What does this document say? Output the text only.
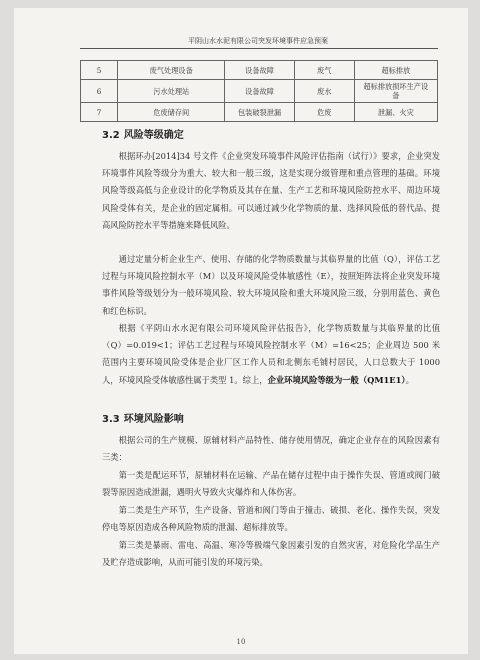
平阴山水水泥有限公司突发环境事件应急预案
5	废气处理设备	设备故障	废气	超标排放
6	污水处理站	设备故障	废水	超标排放损坏生产设备
7	危废储存间	包装破裂泄漏	危废	泄漏、火灾
3.2 风险等级确定

根据环办[2014]34 号文件《企业突发环境事件风险评估指南（试行）》要求，企业突发环境事件风险等级分为重大、较大和一般三级，这是实现分级管理和重点管理的基础。环境风险等级高低与企业设计的化学物质及其存在量、生产工艺和环境风险防控水平、周边环境风险受体有关，是企业的固定属相。可以通过减少化学物质的量、选择风险低的替代品、提高风险防控水平等措施来降低风险。

通过定量分析企业生产、使用、存储的化学物质数量与其临界量的比值（Q），评估工艺过程与环境风险控制水平（M）以及环境风险受体敏感性（E），按照矩阵法将企业突发环境事件风险等级划分为一般环境风险、较大环境风险和重大环境风险三级，分别用蓝色、黄色和红色标识。

根据《平阴山水水泥有限公司环境风险评估报告》，化学物质数量与其临界量的比值（Q）=0.019<1；评估工艺过程与环境风险控制水平（M）=16<25；企业周边 500 米范围内主要环境风险受体是企业厂区工作人员和北侧东毛铺村居民，人口总数大于 1000 人，环境风险受体敏感性属于类型 1。综上，企业环境风险等级为一般（QM1E1）。

3.3 环境风险影响

根据公司的生产规模、原辅材料产品特性、储存使用情况，确定企业存在的风险因素有三类：

第一类是配运环节，原辅材料在运输、产品在储存过程中由于操作失误、管道或阀门破裂等原因造成泄漏，遇明火导致火灾爆炸和人体伤害。

第二类是生产环节，生产设备、管道和阀门等由于撞击、破损、老化、操作失误，突发停电等原因造成各种风险物质的泄漏、超标排放等。

第三类是暴雨、雷电、高温、寒冷等极端气象因素引发的自然灾害，对危险化学品生产及贮存造成影响，从而可能引发的环境污染。

10
